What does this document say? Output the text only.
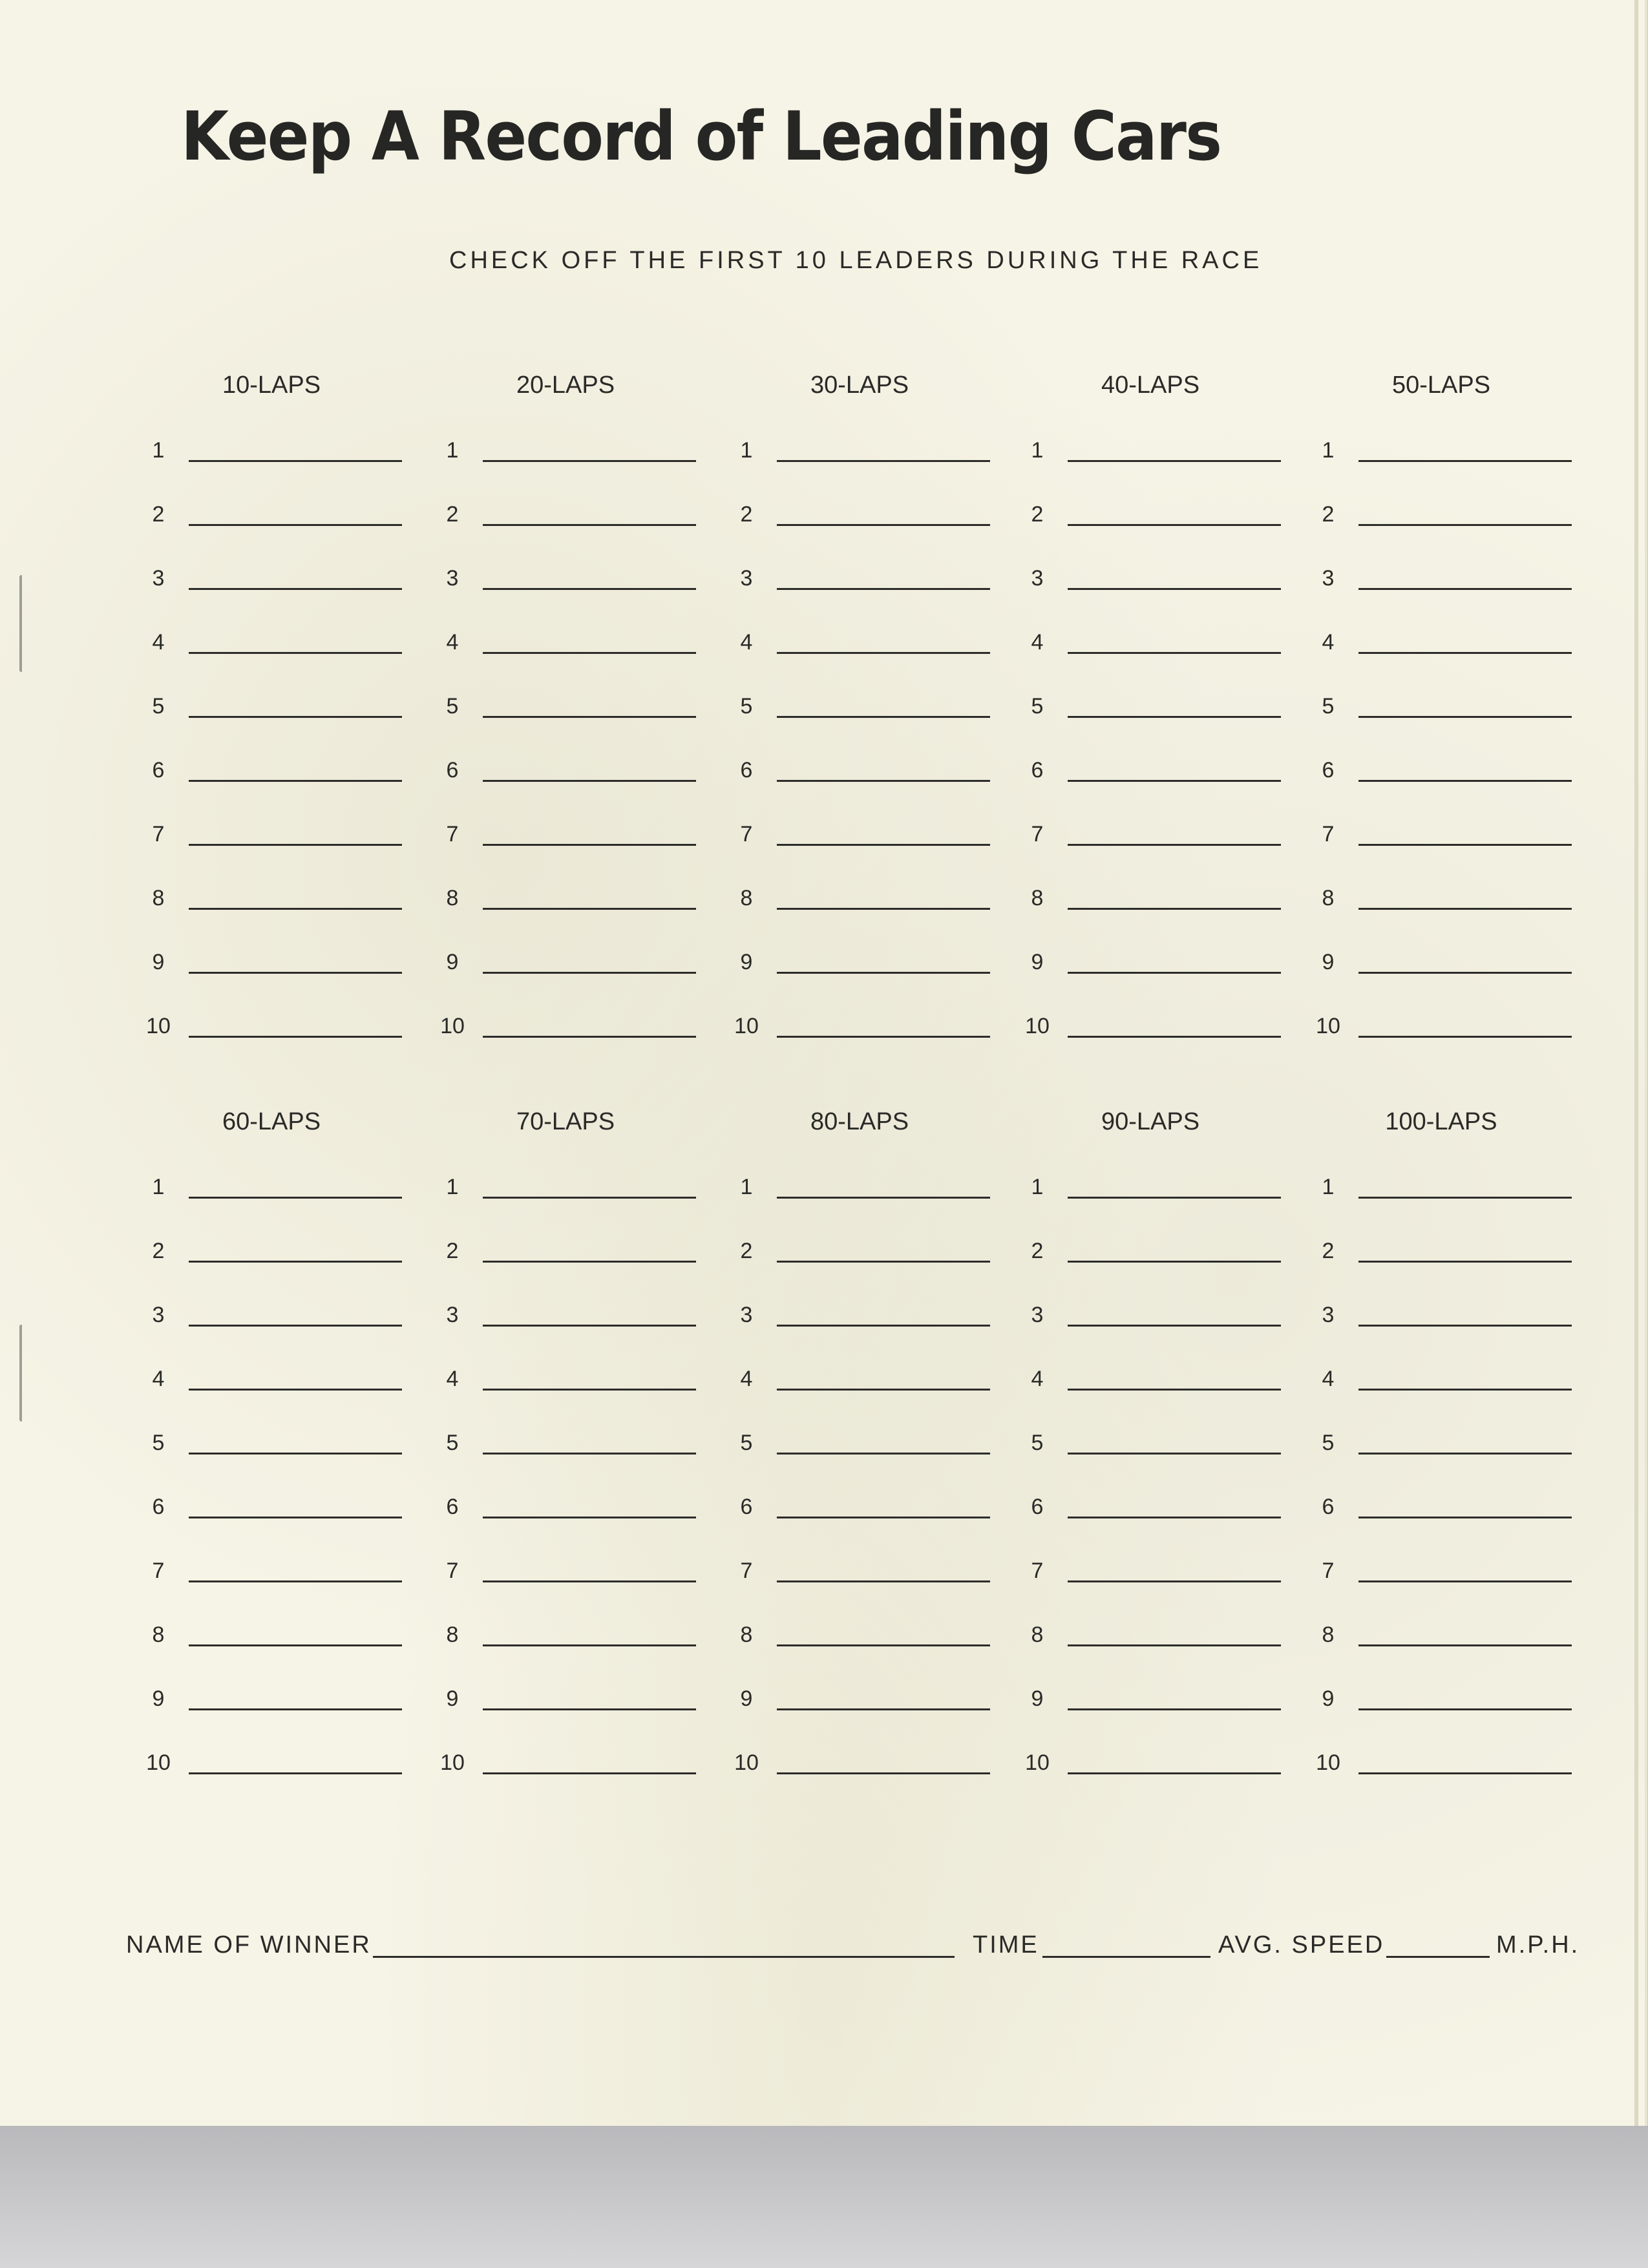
Keep A Record of Leading Cars
CHECK OFF THE FIRST 10 LEADERS DURING THE RACE
10-LAPS
1
2
3
4
5
6
7
8
9
10
20-LAPS
1
2
3
4
5
6
7
8
9
10
30-LAPS
1
2
3
4
5
6
7
8
9
10
40-LAPS
1
2
3
4
5
6
7
8
9
10
50-LAPS
1
2
3
4
5
6
7
8
9
10
60-LAPS
1
2
3
4
5
6
7
8
9
10
70-LAPS
1
2
3
4
5
6
7
8
9
10
80-LAPS
1
2
3
4
5
6
7
8
9
10
90-LAPS
1
2
3
4
5
6
7
8
9
10
100-LAPS
1
2
3
4
5
6
7
8
9
10
NAME OF WINNER	TIME	AVG. SPEED	M.P.H.
